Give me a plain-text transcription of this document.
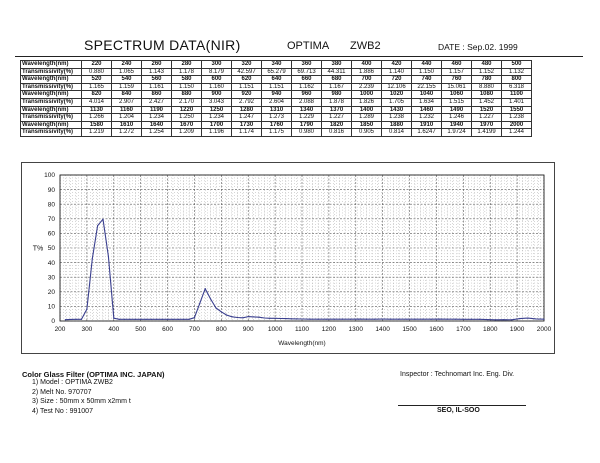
SPECTRUM DATA(NIR)	OPTIMA ZWB2	DATE : Sep.02. 1999
Wavelength(nm)	220	240	260	280	300	320	340	360	380	400	420	440	460	480	500
Transmissivity(%)	0.880	1.065	1.143	1.178	8.179	42.597	65.279	69.713	44.311	1.886	1.140	1.150	1.157	1.152	1.132
Wavelength(nm)	520	540	560	580	600	620	640	660	680	700	720	740	760	780	800
Transmissivity(%)	1.165	1.159	1.161	1.150	1.160	1.151	1.151	1.162	1.167	2.239	12.106	22.155	15.061	8.880	6.318
Wavelength(nm)	820	840	860	880	900	920	940	960	980	1000	1020	1040	1060	1080	1100
Transmissivity(%)	4.014	2.907	2.427	2.170	3.043	2.792	2.604	2.088	1.878	1.826	1.705	1.634	1.515	1.452	1.401
Wavelength(nm)	1130	1160	1190	1220	1250	1280	1310	1340	1370	1400	1430	1460	1490	1520	1550
Transmissivity(%)	1.266	1.204	1.234	1.250	1.234	1.247	1.273	1.229	1.227	1.289	1.238	1.232	1.246	1.227	1.238
Wavelength(nm)	1580	1610	1640	1670	1700	1730	1760	1790	1820	1850	1880	1910	1940	1970	2000
Transmissivity(%)	1.219	1.272	1.254	1.209	1.196	1.174	1.175	0.980	0.816	0.905	0.814	1.6247	1.9724	1.4199	1.244
200 300 400 500 600 700 800 900 1000 1100 1200 1300 1400 1500 1600 1700 1800 1900 2000
0
10
20
30
40
50
60
70
80
90
100
Wavelength(nm)
T%
Color Glass Filter (OPTIMA INC. JAPAN)
1) Model : OPTIMA ZWB2
2) Melt No. 970707
3) Size : 50mm x 50mm x2mm t
4) Test No : 991007
Inspector : Technomart Inc. Eng. Div.
SEO, IL-SOO
